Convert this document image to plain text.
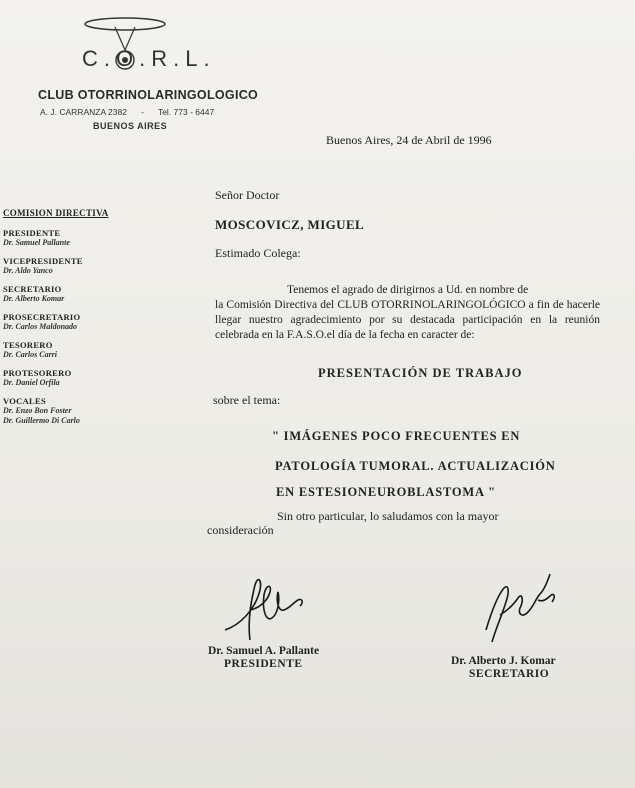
C.O.R.L.
CLUB OTORRINOLARINGOLOGICO
A. J. CARRANZA 2382      -      Tel. 773 - 6447
BUENOS AIRES
Buenos Aires, 24 de Abril de 1996
COMISION DIRECTIVA
PRESIDENTE
Dr. Samuel Pallante
VICEPRESIDENTE
Dr. Aldo Yanco
SECRETARIO
Dr. Alberto Komar
PROSECRETARIO
Dr. Carlos Maldonado
TESORERO
Dr. Carlos Carri
PROTESORERO
Dr. Daniel Orfila
VOCALES
Dr. Enzo Bon Foster
Dr. Guillermo Di Carlo
Señor Doctor
MOSCOVICZ, MIGUEL
Estimado Colega:
Tenemos el agrado de dirigirnos a Ud. en nombre de
la Comisión Directiva del CLUB OTORRINOLARINGOLÓGICO a fin de hacerle llegar nuestro agradecimiento por su destacada participación en la reunión celebrada en la F.A.S.O.el día de la fecha en caracter de:
PRESENTACIÓN DE TRABAJO
sobre el tema:
" IMÁGENES POCO FRECUENTES EN
PATOLOGÍA TUMORAL. ACTUALIZACIÓN
EN ESTESIONEUROBLASTOMA "
Sin otro particular, lo saludamos con la mayor
consideración
Dr. Samuel A. Pallante
PRESIDENTE	Dr. Alberto J. Komar
SECRETARIO
